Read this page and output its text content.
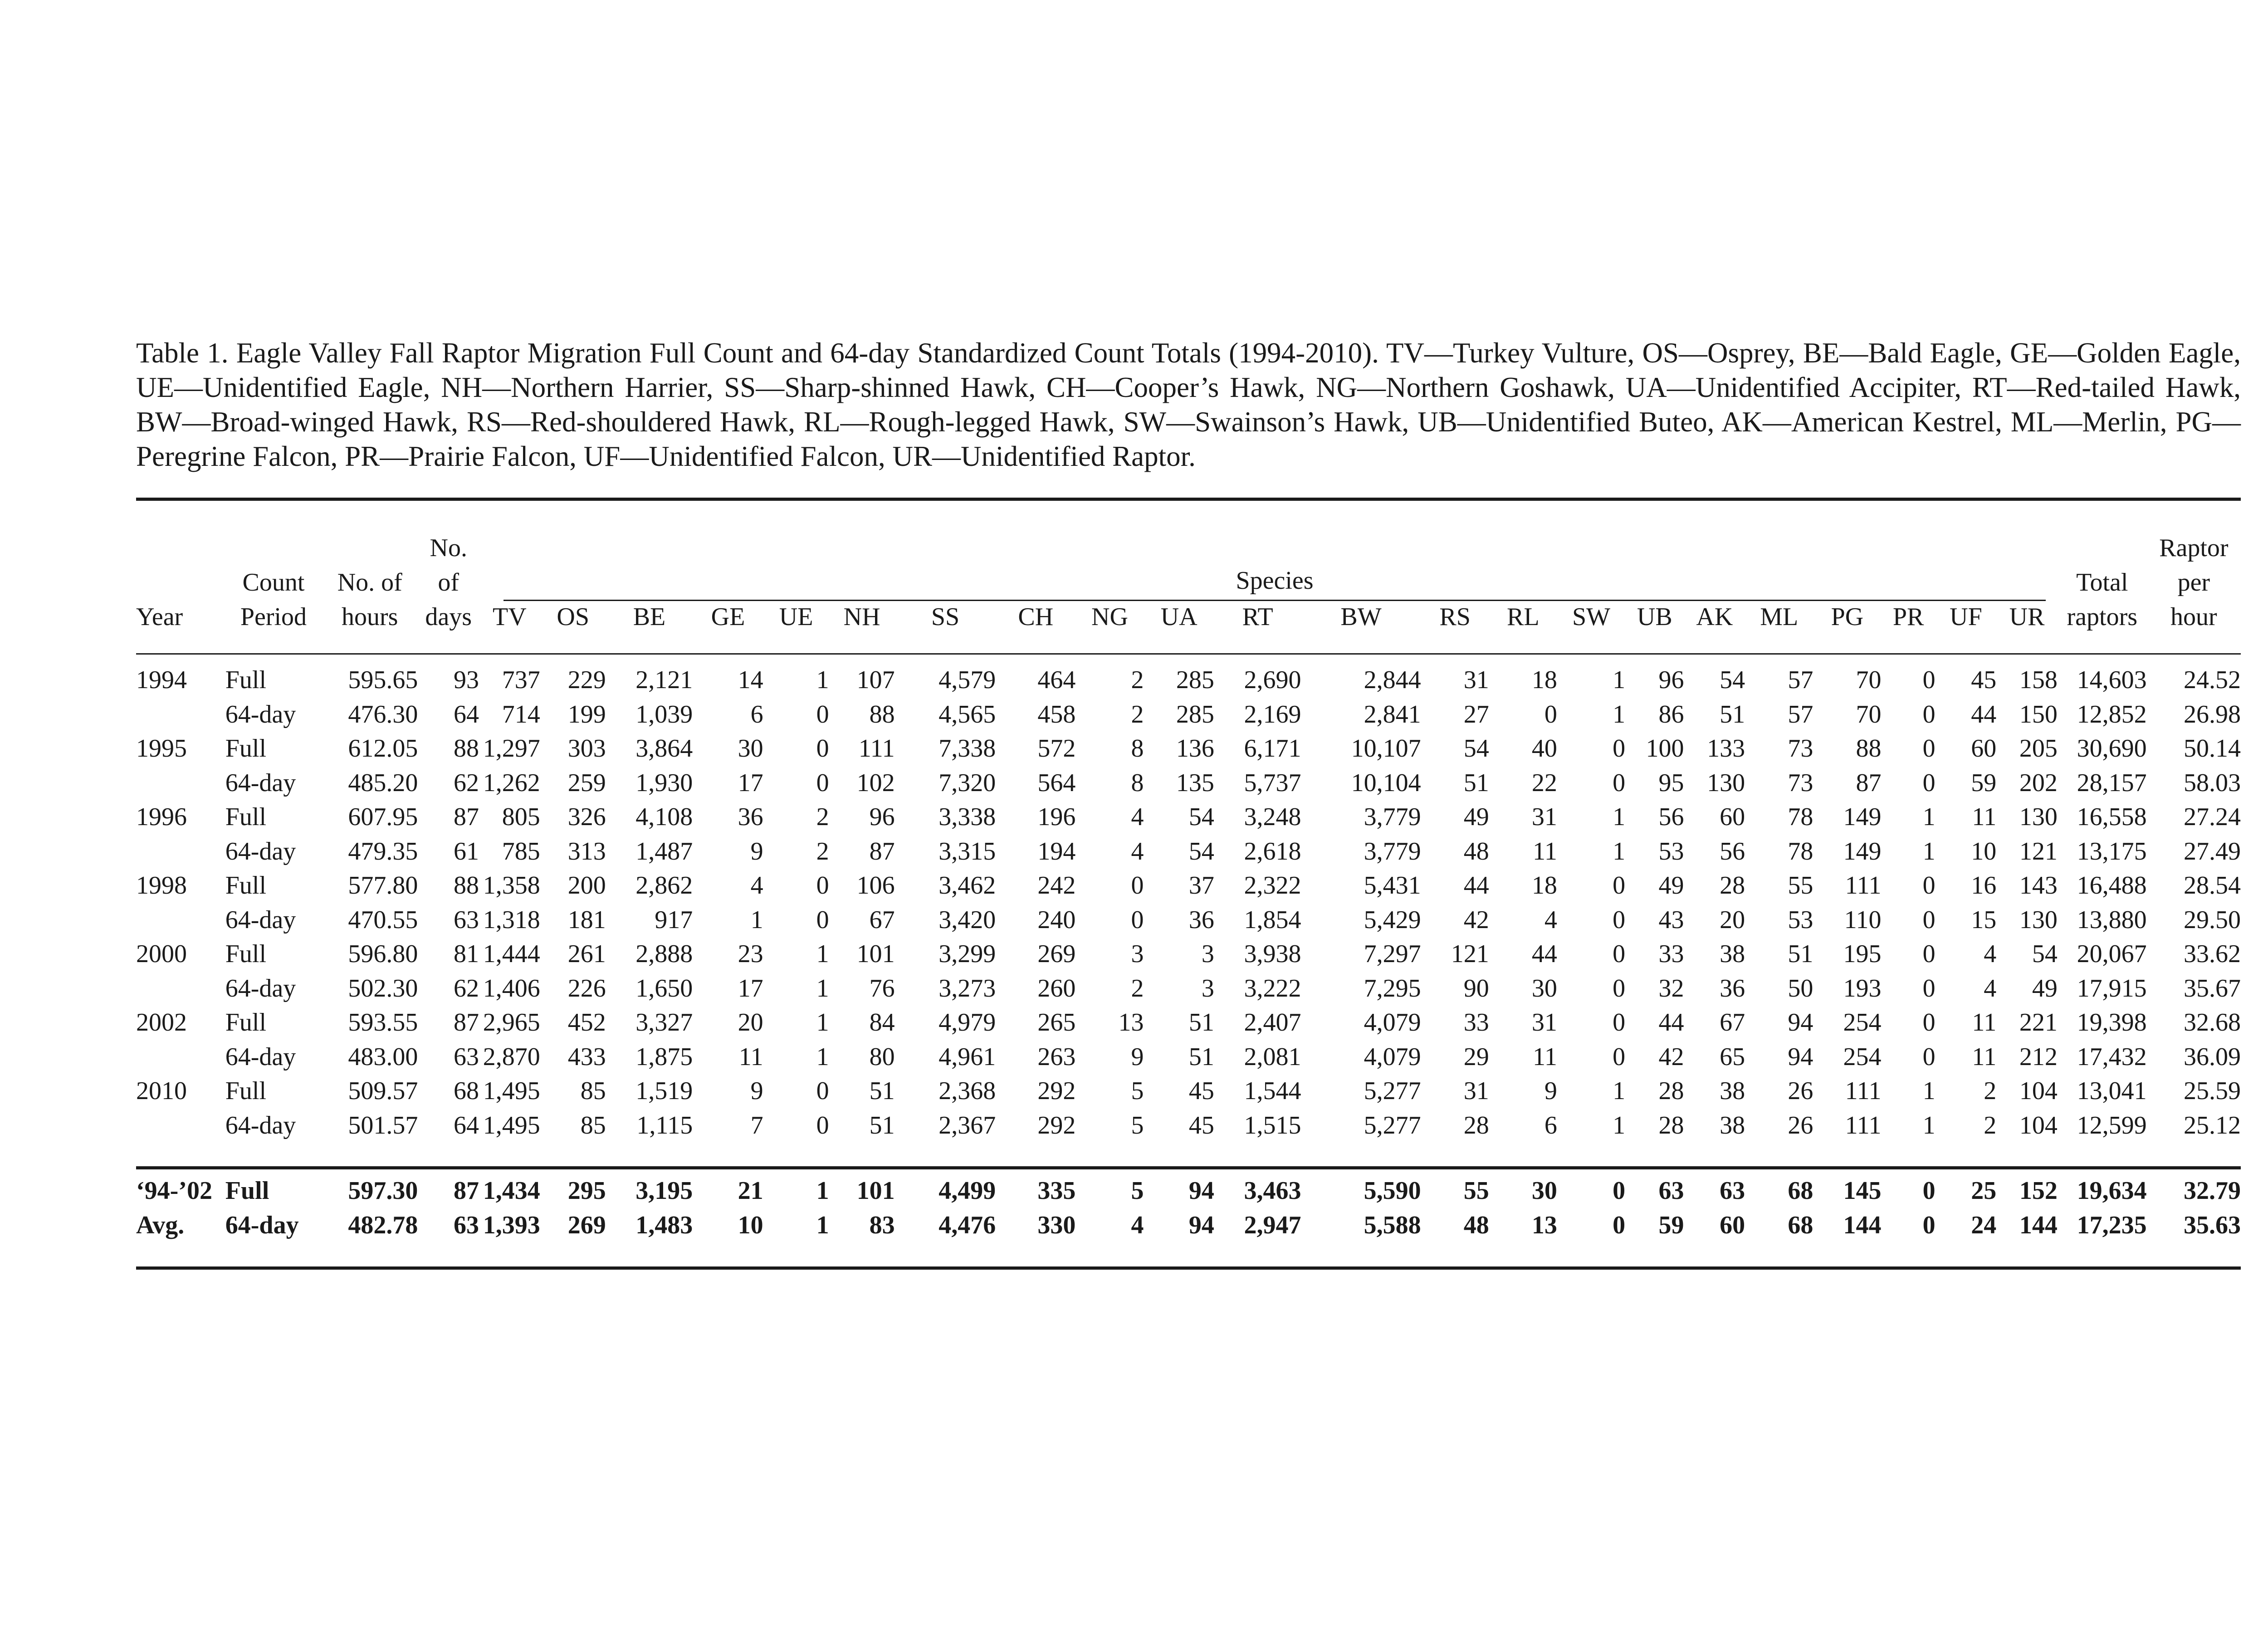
Table 1. Eagle Valley Fall Raptor Migration Full Count and 64-day Standardized Count Totals (1994-2010). TV—Turkey Vulture, OS—Osprey, BE—Bald Eagle, GE—Golden Eagle, UE—Unidentified Eagle, NH—Northern Harrier, SS—Sharp-shinned Hawk, CH—Cooper’s Hawk, NG—Northern Goshawk, UA—Unidentified Accipiter, RT—Red-tailed Hawk, BW—Broad-winged Hawk, RS—Red-shouldered Hawk, RL—Rough-legged Hawk, SW—Swainson’s Hawk, UB—Unidentified Buteo, AK—American Kestrel, ML—Merlin, PG—Peregrine Falcon, PR—Prairie Falcon, UF—Unidentified Falcon, UR—Unidentified Raptor.
Species
			No.																								Raptor
	Count	No. of	of																							Total	per
Year	Period	hours	days	TV	OS	BE	GE	UE	NH	SS	CH	NG	UA	RT	BW	RS	RL	SW	UB	AK	ML	PG	PR	UF	UR	raptors	hour
1994	Full	595.65	93	737	229	2,121	14	1	107	4,579	464	2	285	2,690	2,844	31	18	1	96	54	57	70	0	45	158	14,603	24.52
	64-day	476.30	64	714	199	1,039	6	0	88	4,565	458	2	285	2,169	2,841	27	0	1	86	51	57	70	0	44	150	12,852	26.98
1995	Full	612.05	88	1,297	303	3,864	30	0	111	7,338	572	8	136	6,171	10,107	54	40	0	100	133	73	88	0	60	205	30,690	50.14
	64-day	485.20	62	1,262	259	1,930	17	0	102	7,320	564	8	135	5,737	10,104	51	22	0	95	130	73	87	0	59	202	28,157	58.03
1996	Full	607.95	87	805	326	4,108	36	2	96	3,338	196	4	54	3,248	3,779	49	31	1	56	60	78	149	1	11	130	16,558	27.24
	64-day	479.35	61	785	313	1,487	9	2	87	3,315	194	4	54	2,618	3,779	48	11	1	53	56	78	149	1	10	121	13,175	27.49
1998	Full	577.80	88	1,358	200	2,862	4	0	106	3,462	242	0	37	2,322	5,431	44	18	0	49	28	55	111	0	16	143	16,488	28.54
	64-day	470.55	63	1,318	181	917	1	0	67	3,420	240	0	36	1,854	5,429	42	4	0	43	20	53	110	0	15	130	13,880	29.50
2000	Full	596.80	81	1,444	261	2,888	23	1	101	3,299	269	3	3	3,938	7,297	121	44	0	33	38	51	195	0	4	54	20,067	33.62
	64-day	502.30	62	1,406	226	1,650	17	1	76	3,273	260	2	3	3,222	7,295	90	30	0	32	36	50	193	0	4	49	17,915	35.67
2002	Full	593.55	87	2,965	452	3,327	20	1	84	4,979	265	13	51	2,407	4,079	33	31	0	44	67	94	254	0	11	221	19,398	32.68
	64-day	483.00	63	2,870	433	1,875	11	1	80	4,961	263	9	51	2,081	4,079	29	11	0	42	65	94	254	0	11	212	17,432	36.09
2010	Full	509.57	68	1,495	85	1,519	9	0	51	2,368	292	5	45	1,544	5,277	31	9	1	28	38	26	111	1	2	104	13,041	25.59
	64-day	501.57	64	1,495	85	1,115	7	0	51	2,367	292	5	45	1,515	5,277	28	6	1	28	38	26	111	1	2	104	12,599	25.12
‘94-’02	Full	597.30	87	1,434	295	3,195	21	1	101	4,499	335	5	94	3,463	5,590	55	30	0	63	63	68	145	0	25	152	19,634	32.79
Avg.	64-day	482.78	63	1,393	269	1,483	10	1	83	4,476	330	4	94	2,947	5,588	48	13	0	59	60	68	144	0	24	144	17,235	35.63
